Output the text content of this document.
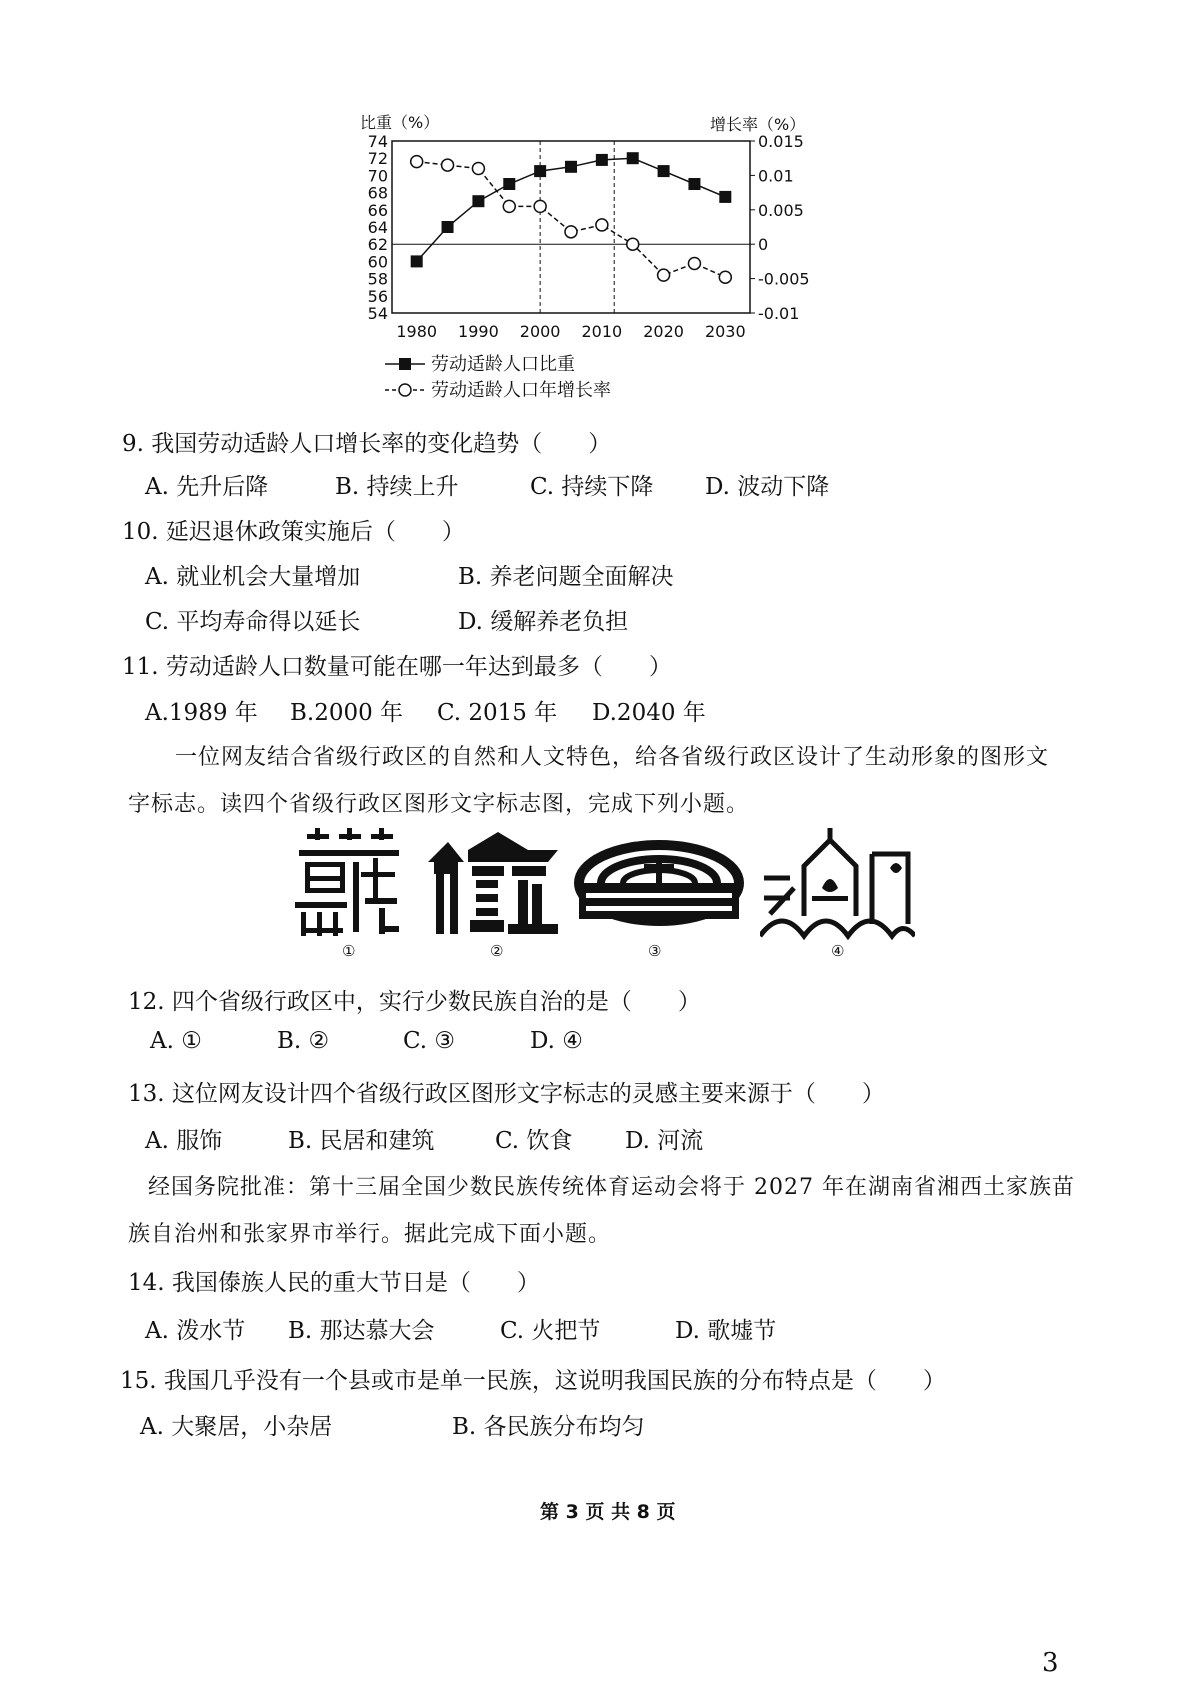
比重（%）	增长率（%）
74
72
70
68
66
64
62
60
58
56
54
0.015
0.01
0.005
0
-0.005
-0.01
1980 1990 2000 2010 2020 2030
劳动适龄人口比重
劳动适龄人口年增长率
9. 我国劳动适龄人口增长率的变化趋势（　　）
A. 先升后降	B. 持续上升	C. 持续下降 D. 波动下降
10. 延迟退休政策实施后（　　）
A. 就业机会大量增加	B. 养老问题全面解决
C. 平均寿命得以延长	D. 缓解养老负担
11. 劳动适龄人口数量可能在哪一年达到最多（　　）
A.1989 年 B.2000 年 C. 2015 年 D.2040 年
一位网友结合省级行政区的自然和人文特色，给各省级行政区设计了生动形象的图形文
字标志。读四个省级行政区图形文字标志图，完成下列小题。
①	②	③	④
12. 四个省级行政区中，实行少数民族自治的是（　　）
A. ①	B. ②	C. ③	D. ④
13. 这位网友设计四个省级行政区图形文字标志的灵感主要来源于（　　）
A. 服饰	B. 民居和建筑	C. 饮食 D. 河流
经国务院批准：第十三届全国少数民族传统体育运动会将于 2027 年在湖南省湘西土家族苗
族自治州和张家界市举行。据此完成下面小题。
14. 我国傣族人民的重大节日是（　　）
A. 泼水节 B. 那达慕大会	C. 火把节	D. 歌墟节
15. 我国几乎没有一个县或市是单一民族，这说明我国民族的分布特点是（　　）
A. 大聚居，小杂居	B. 各民族分布均匀
第 3 页 共 8 页
3
